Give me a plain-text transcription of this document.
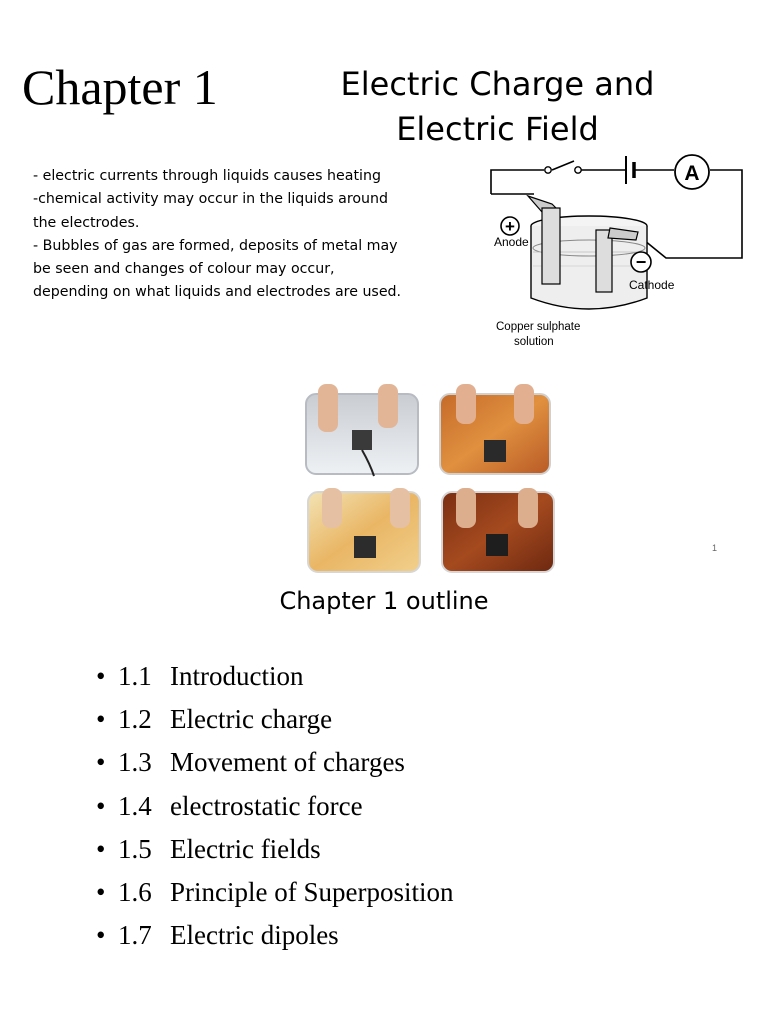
Chapter 1	Electric Charge and
Electric Field
- electric currents through liquids causes heating
-chemical activity may occur in the liquids around
the electrodes.
- Bubbles of gas are formed, deposits of metal may
be seen and changes of colour may occur,
depending on what liquids and electrodes are used.
A
+
Anode
−
Cathode
Copper sulphate
solution
1
Chapter 1 outline
• 1.1 Introduction
• 1.2 Electric charge
• 1.3 Movement of charges
• 1.4 electrostatic force
• 1.5 Electric fields
• 1.6 Principle of Superposition
• 1.7 Electric dipoles
